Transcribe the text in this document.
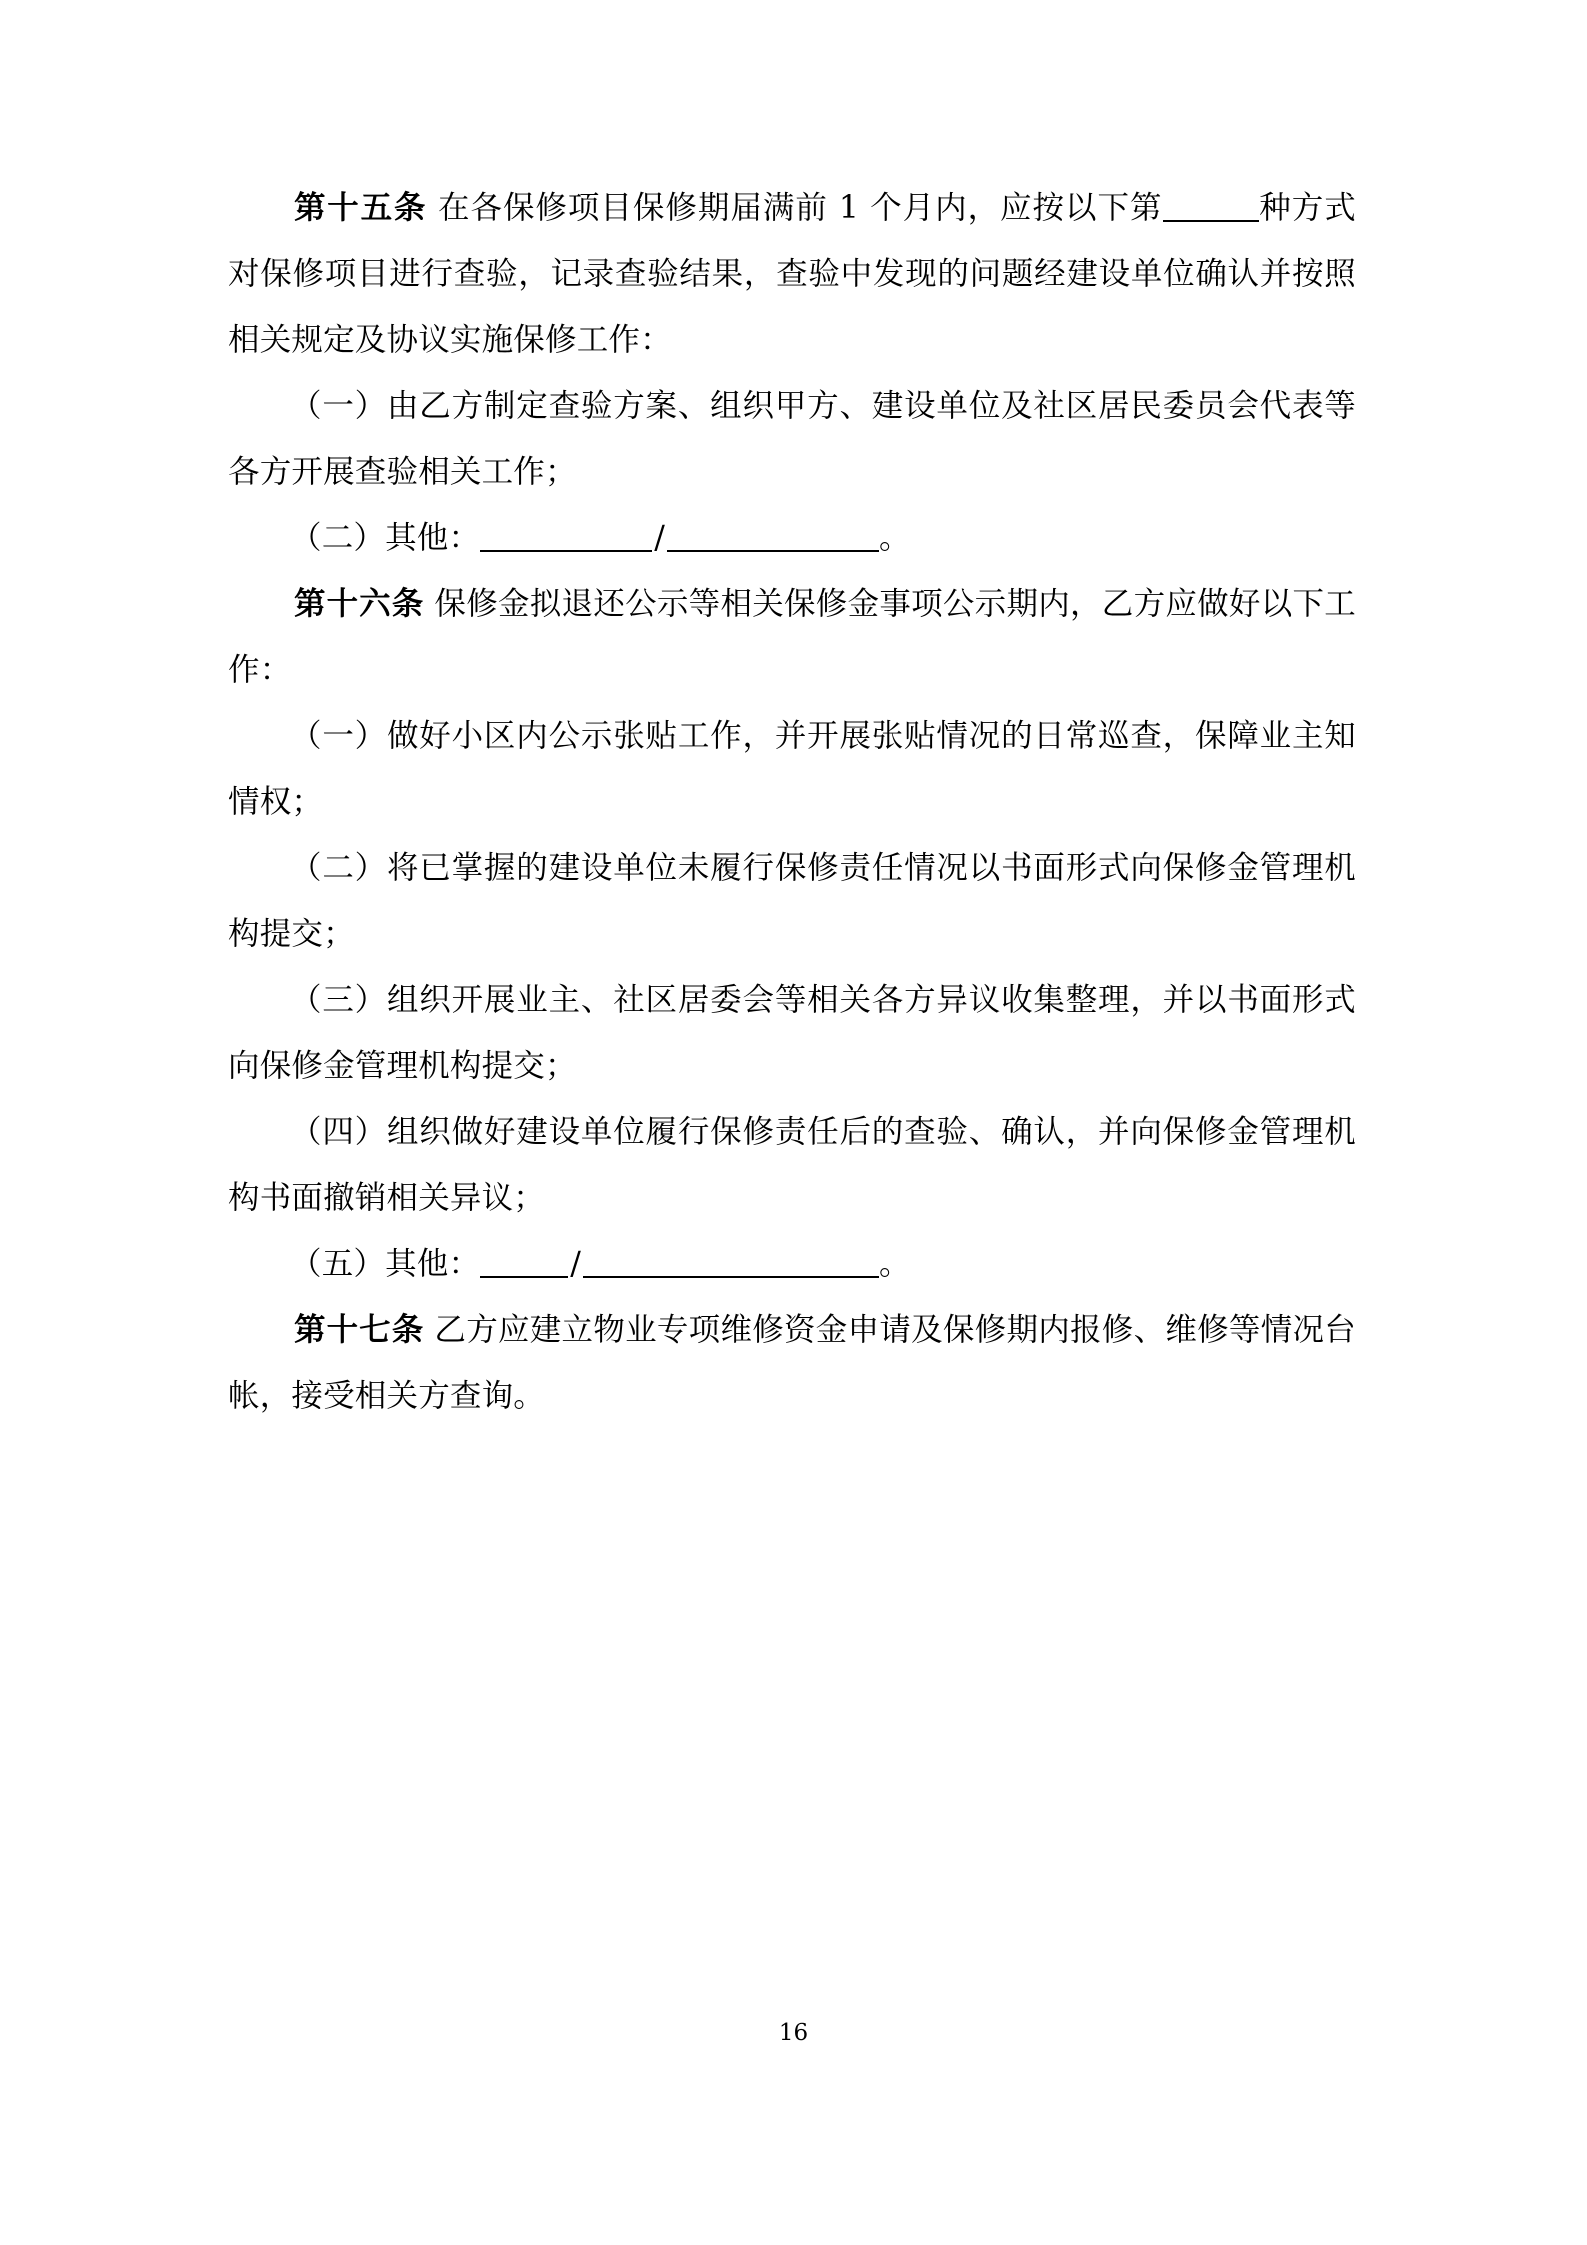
第十五条 在各保修项目保修期届满前 1 个月内，应按以下第	种方式对保修项目进行查验，记录查验结果，查验中发现的问题经建设单位确认并按照相关规定及协议实施保修工作：

（一）由乙方制定查验方案、组织甲方、建设单位及社区居民委员会代表等各方开展查验相关工作；

（二）其他：	/	。

第十六条 保修金拟退还公示等相关保修金事项公示期内，乙方应做好以下工作：

（一）做好小区内公示张贴工作，并开展张贴情况的日常巡查，保障业主知情权；

（二）将已掌握的建设单位未履行保修责任情况以书面形式向保修金管理机构提交；

（三）组织开展业主、社区居委会等相关各方异议收集整理，并以书面形式向保修金管理机构提交；

（四）组织做好建设单位履行保修责任后的查验、确认，并向保修金管理机构书面撤销相关异议；

（五）其他：	/	。

第十七条 乙方应建立物业专项维修资金申请及保修期内报修、维修等情况台帐，接受相关方查询。

16
